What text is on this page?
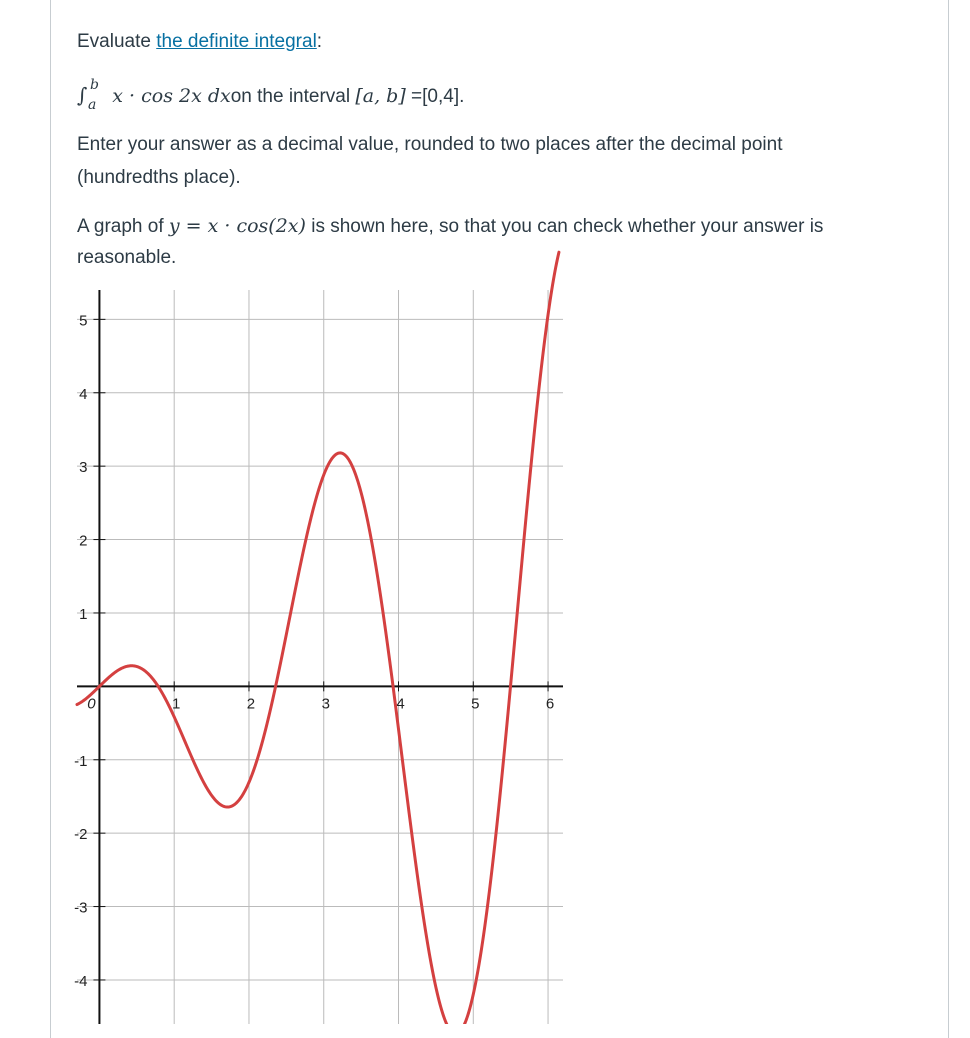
Evaluate the definite integral:

∫ b
a x · cos 2x dxon the interval [a, b] =[0,4].

Enter your answer as a decimal value, rounded to two places after the decimal point

(hundredths place).

A graph of y = x · cos(2x) is shown here, so that you can check whether your answer is

reasonable.

0	1	2	3	4	5	6
5
4
3
2
1
-1
-2
-3
-4
